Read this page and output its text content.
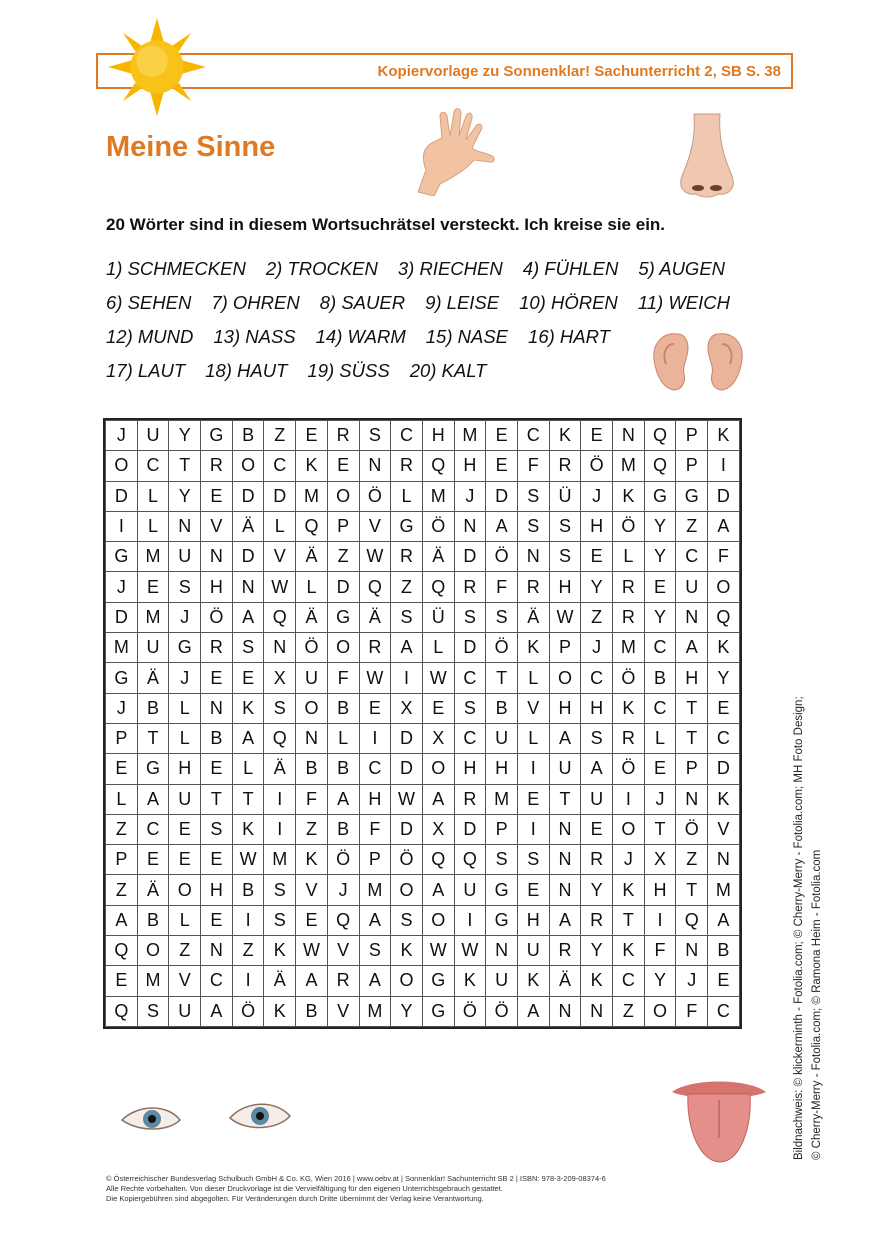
Kopiervorlage zu Sonnenklar! Sachunterricht 2, SB S. 38
Meine Sinne
20 Wörter sind in diesem Wortsuchrätsel versteckt. Ich kreise sie ein.
1) SCHMECKEN 2) TROCKEN 3) RIECHEN 4) FÜHLEN 5) AUGEN
6) SEHEN 7) OHREN 8) SAUER 9) LEISE 10) HÖREN 11) WEICH
12) MUND 13) NASS 14) WARM 15) NASE 16) HART
17) LAUT 18) HAUT 19) SÜSS 20) KALT
J	U	Y	G	B	Z	E	R	S	C	H	M	E	C	K	E	N	Q	P	K
O	C	T	R	O	C	K	E	N	R	Q	H	E	F	R	Ö	M	Q	P	I
D	L	Y	E	D	D	M	O	Ö	L	M	J	D	S	Ü	J	K	G	G	D
I	L	N	V	Ä	L	Q	P	V	G	Ö	N	A	S	S	H	Ö	Y	Z	A
G	M	U	N	D	V	Ä	Z	W	R	Ä	D	Ö	N	S	E	L	Y	C	F
J	E	S	H	N	W	L	D	Q	Z	Q	R	F	R	H	Y	R	E	U	O
D	M	J	Ö	A	Q	Ä	G	Ä	S	Ü	S	S	Ä	W	Z	R	Y	N	Q
M	U	G	R	S	N	Ö	O	R	A	L	D	Ö	K	P	J	M	C	A	K
G	Ä	J	E	E	X	U	F	W	I	W	C	T	L	O	C	Ö	B	H	Y
J	B	L	N	K	S	O	B	E	X	E	S	B	V	H	H	K	C	T	E
P	T	L	B	A	Q	N	L	I	D	X	C	U	L	A	S	R	L	T	C
E	G	H	E	L	Ä	B	B	C	D	O	H	H	I	U	A	Ö	E	P	D
L	A	U	T	T	I	F	A	H	W	A	R	M	E	T	U	I	J	N	K
Z	C	E	S	K	I	Z	B	F	D	X	D	P	I	N	E	O	T	Ö	V
P	E	E	E	W	M	K	Ö	P	Ö	Q	Q	S	S	N	R	J	X	Z	N
Z	Ä	O	H	B	S	V	J	M	O	A	U	G	E	N	Y	K	H	T	M
A	B	L	E	I	S	E	Q	A	S	O	I	G	H	A	R	T	I	Q	A
Q	O	Z	N	Z	K	W	V	S	K	W	W	N	U	R	Y	K	F	N	B
E	M	V	C	I	Ä	A	R	A	O	G	K	U	K	Ä	K	C	Y	J	E
Q	S	U	A	Ö	K	B	V	M	Y	G	Ö	Ö	A	N	N	Z	O	F	C	Bildnachweis: © klickerminth - Fotolia.com; © Cherry-Merry - Fotolia.com; MH Foto Design; © Cherry-Merry - Fotolia.com; © Ramona Heim - Fotolia.com
© Österreichischer Bundesverlag Schulbuch GmbH & Co. KG, Wien 2016 | www.oebv.at | Sonnenklar! Sachunterricht SB 2 | ISBN: 978-3-209-08374-6
Alle Rechte vorbehalten. Von dieser Druckvorlage ist die Vervielfältigung für den eigenen Unterrichtsgebrauch gestattet.
Die Kopiergebühren sind abgegolten. Für Veränderungen durch Dritte übernimmt der Verlag keine Verantwortung.
